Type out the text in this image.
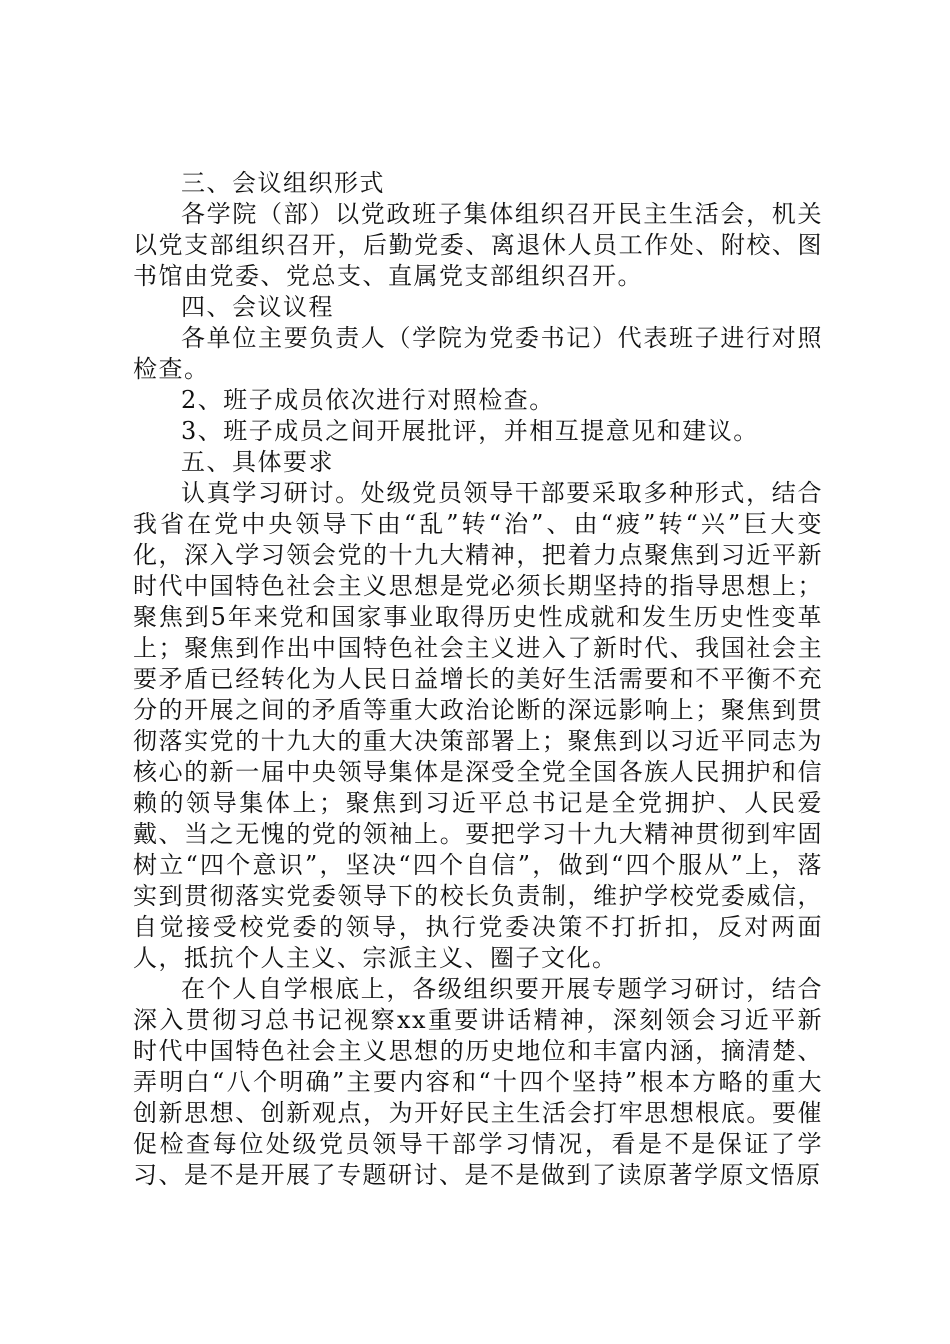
三、会议组织形式

各学院（部）以党政班子集体组织召开民主生活会，机关以党支部组织召开，后勤党委、离退休人员工作处、附校、图书馆由党委、党总支、直属党支部组织召开。

四、会议议程

各单位主要负责人（学院为党委书记）代表班子进行对照检查。

2、班子成员依次进行对照检查。

3、班子成员之间开展批评，并相互提意见和建议。

五、具体要求

认真学习研讨。处级党员领导干部要采取多种形式，结合我省在党中央领导下由“乱”转“治”、由“疲”转“兴”巨大变化，深入学习领会党的十九大精神，把着力点聚焦到习近平新时代中国特色社会主义思想是党必须长期坚持的指导思想上；聚焦到5年来党和国家事业取得历史性成就和发生历史性变革上；聚焦到作出中国特色社会主义进入了新时代、我国社会主要矛盾已经转化为人民日益增长的美好生活需要和不平衡不充分的开展之间的矛盾等重大政治论断的深远影响上；聚焦到贯彻落实党的十九大的重大决策部署上；聚焦到以习近平同志为核心的新一届中央领导集体是深受全党全国各族人民拥护和信赖的领导集体上；聚焦到习近平总书记是全党拥护、人民爱戴、当之无愧的党的领袖上。要把学习十九大精神贯彻到牢固树立“四个意识”，坚决“四个自信”，做到“四个服从”上，落实到贯彻落实党委领导下的校长负责制，维护学校党委威信，自觉接受校党委的领导，执行党委决策不打折扣，反对两面人，抵抗个人主义、宗派主义、圈子文化。

在个人自学根底上，各级组织要开展专题学习研讨，结合深入贯彻习总书记视察xx重要讲话精神，深刻领会习近平新时代中国特色社会主义思想的历史地位和丰富内涵，摘清楚、弄明白“八个明确”主要内容和“十四个坚持”根本方略的重大创新思想、创新观点，为开好民主生活会打牢思想根底。要催促检查每位处级党员领导干部学习情况，看是不是保证了学习、是不是开展了专题研讨、是不是做到了读原著学原文悟原
